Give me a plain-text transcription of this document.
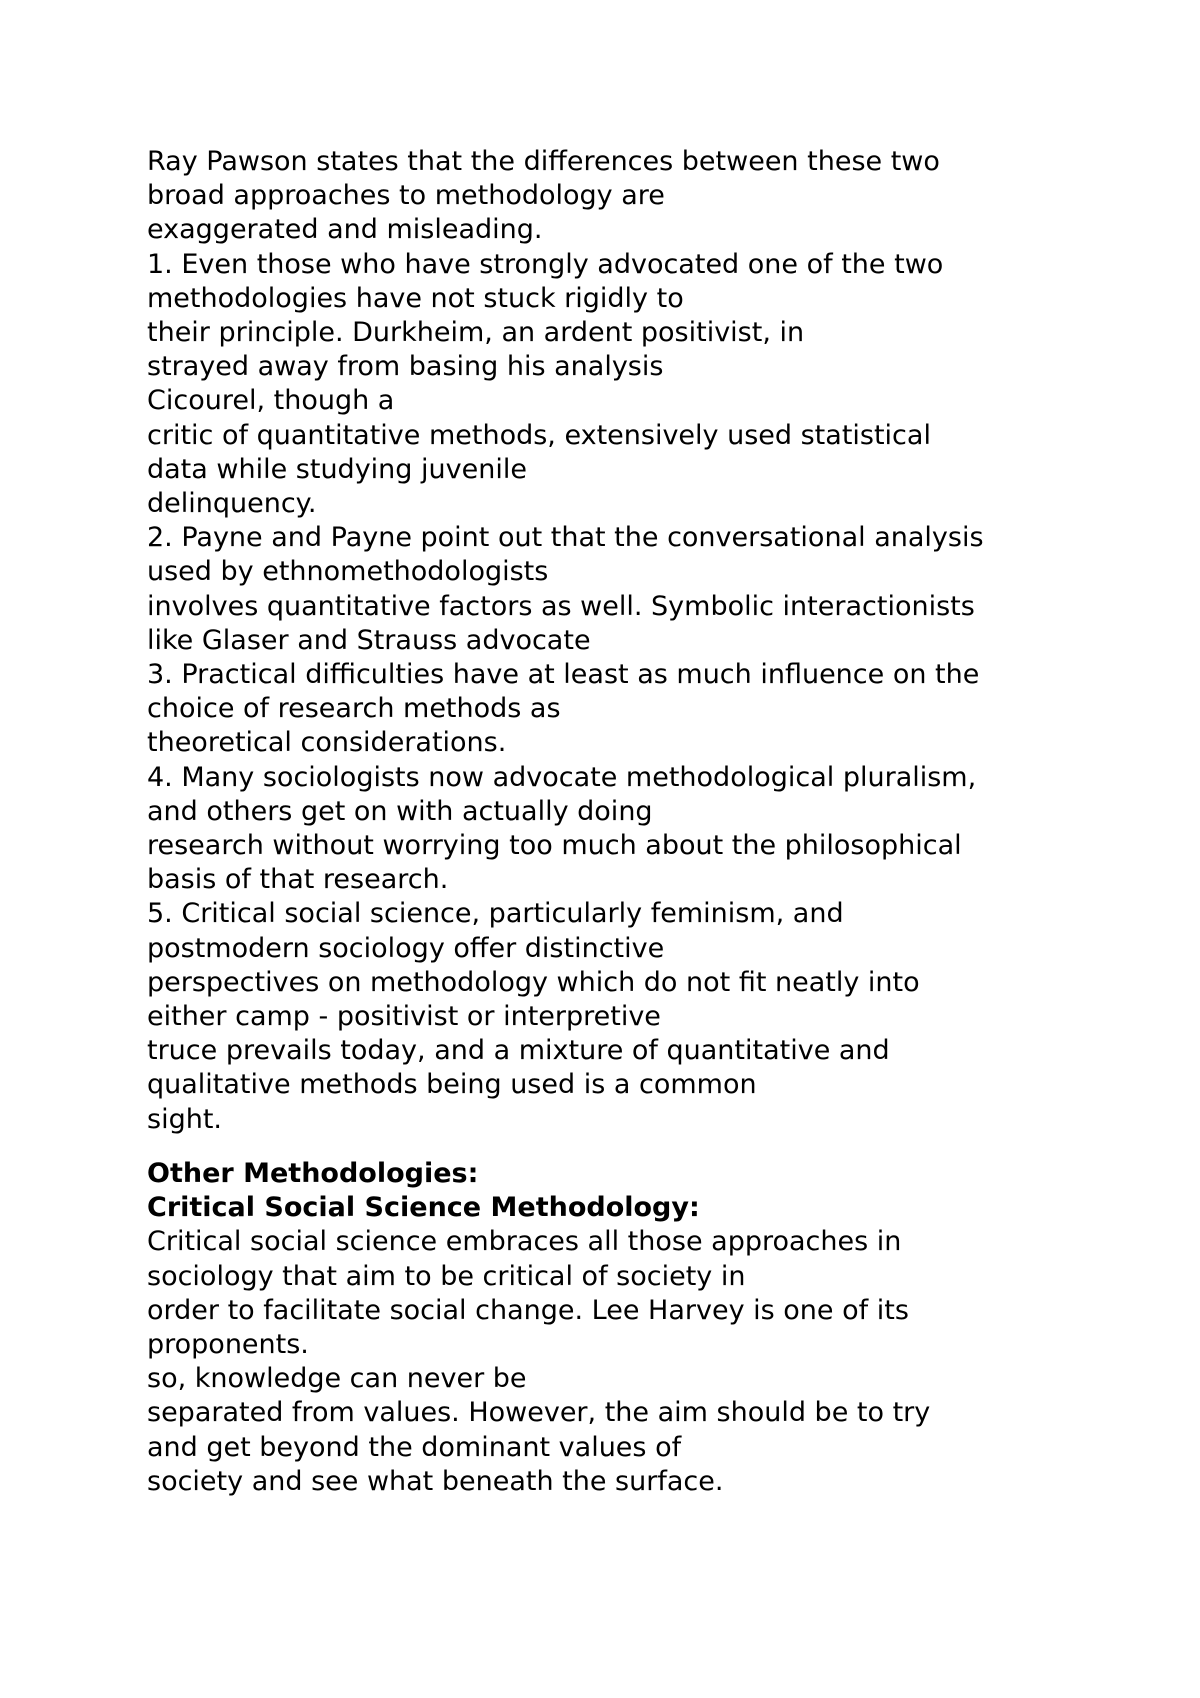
Ray Pawson states that the differences between these two
broad approaches to methodology are
exaggerated and misleading.
1. Even those who have strongly advocated one of the two
methodologies have not stuck rigidly to
their principle. Durkheim, an ardent positivist, in
strayed away from basing his analysis
Cicourel, though a
critic of quantitative methods, extensively used statistical
data while studying juvenile
delinquency.
2. Payne and Payne point out that the conversational analysis
used by ethnomethodologists
involves quantitative factors as well. Symbolic interactionists
like Glaser and Strauss advocate
3. Practical difficulties have at least as much influence on the
choice of research methods as
theoretical considerations.
4. Many sociologists now advocate methodological pluralism,
and others get on with actually doing
research without worrying too much about the philosophical
basis of that research.
5. Critical social science, particularly feminism, and
postmodern sociology offer distinctive
perspectives on methodology which do not fit neatly into
either camp - positivist or interpretive
truce prevails today, and a mixture of quantitative and
qualitative methods being used is a common
sight.
Other Methodologies:
Critical Social Science Methodology:
Critical social science embraces all those approaches in
sociology that aim to be critical of society in
order to facilitate social change. Lee Harvey is one of its
proponents.
so, knowledge can never be
separated from values. However, the aim should be to try
and get beyond the dominant values of
society and see what beneath the surface.
